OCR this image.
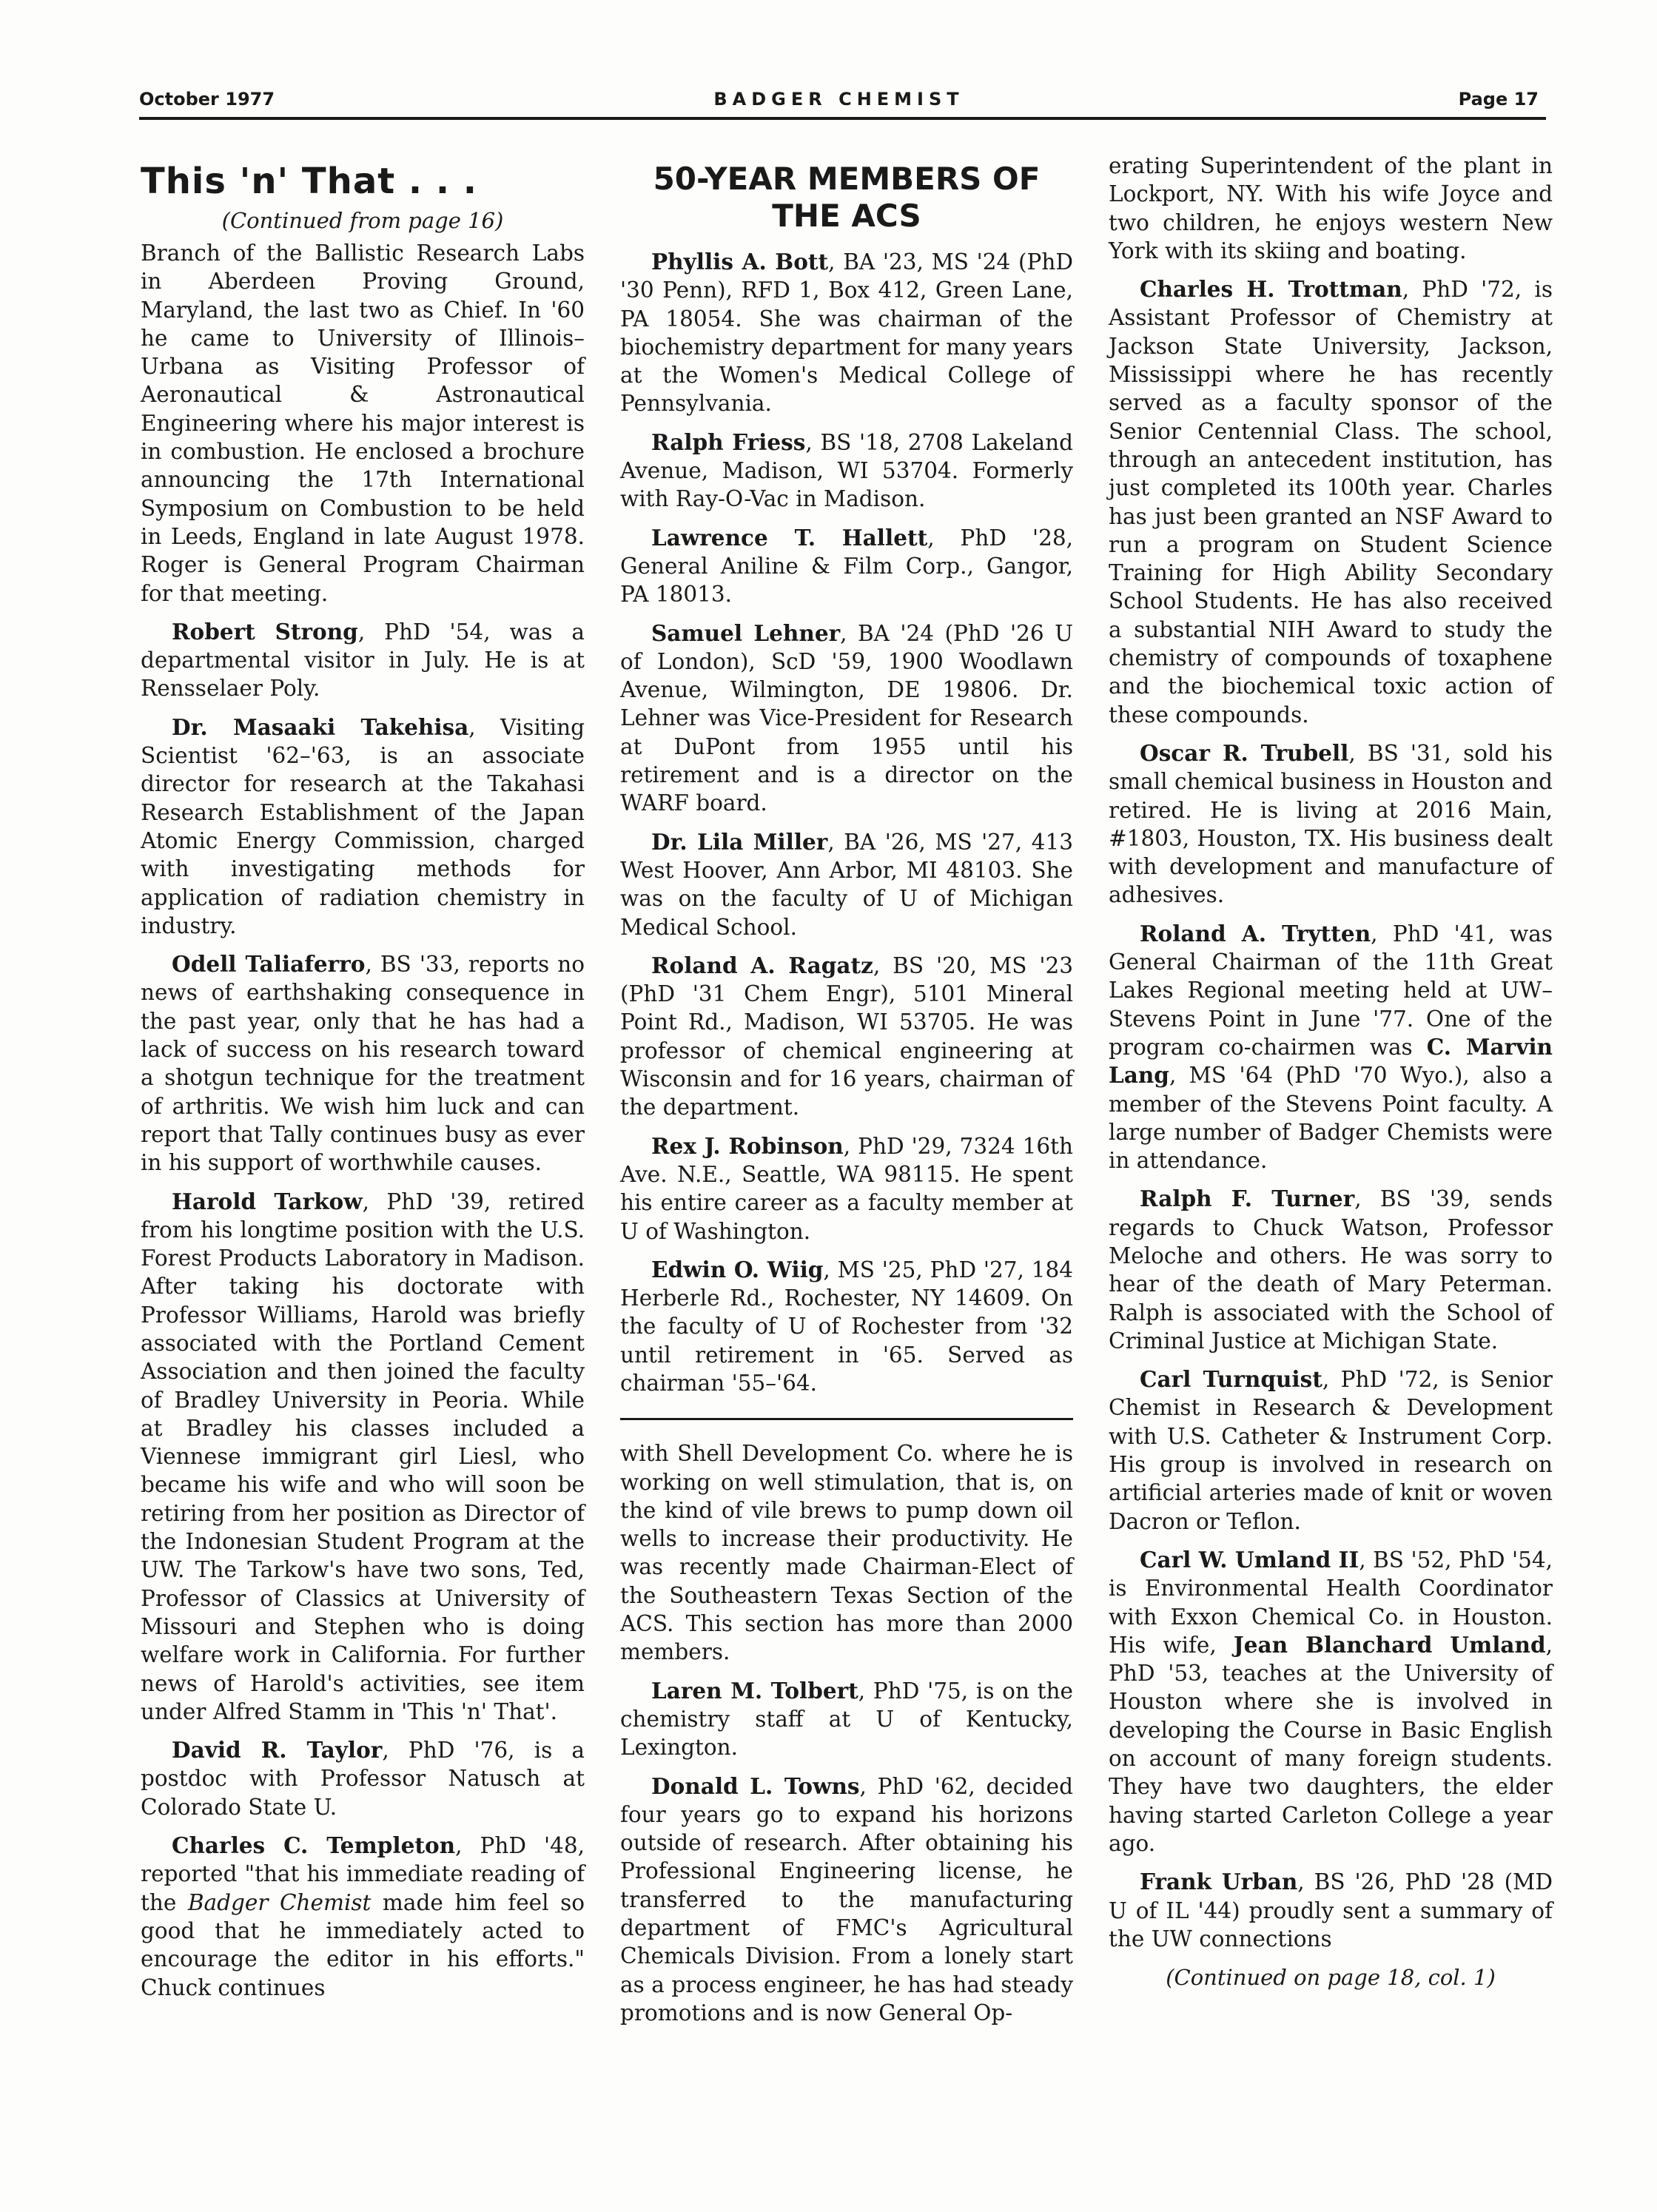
October 1977	BADGER CHEMIST	Page 17
This 'n' That . . .
(Continued from page 16)

Branch of the Ballistic Research Labs in Aberdeen Proving Ground, Maryland, the last two as Chief. In '60 he came to University of Illinois–Urbana as Visiting Professor of Aeronautical & Astronautical Engineering where his major interest is in combustion. He enclosed a brochure announcing the 17th International Symposium on Combustion to be held in Leeds, England in late August 1978. Roger is General Program Chairman for that meeting.

Robert Strong, PhD '54, was a departmental visitor in July. He is at Rensselaer Poly.

Dr. Masaaki Takehisa, Visiting Scientist '62–'63, is an associate director for research at the Takahasi Research Establishment of the Japan Atomic Energy Commission, charged with investigating methods for application of radiation chemistry in industry.

Odell Taliaferro, BS '33, reports no news of earthshaking consequence in the past year, only that he has had a lack of success on his research toward a shotgun technique for the treatment of arthritis. We wish him luck and can report that Tally continues busy as ever in his support of worthwhile causes.

Harold Tarkow, PhD '39, retired from his longtime position with the U.S. Forest Products Laboratory in Madison. After taking his doctorate with Professor Williams, Harold was briefly associated with the Portland Cement Association and then joined the faculty of Bradley University in Peoria. While at Bradley his classes included a Viennese immigrant girl Liesl, who became his wife and who will soon be retiring from her position as Director of the Indonesian Student Program at the UW. The Tarkow's have two sons, Ted, Professor of Classics at University of Missouri and Stephen who is doing welfare work in California. For further news of Harold's activities, see item under Alfred Stamm in 'This 'n' That'.

David R. Taylor, PhD '76, is a postdoc with Professor Natusch at Colorado State U.

Charles C. Templeton, PhD '48, reported "that his immediate reading of the Badger Chemist made him feel so good that he immediately acted to encourage the editor in his efforts." Chuck continues

50-YEAR MEMBERS OF
THE ACS

Phyllis A. Bott, BA '23, MS '24 (PhD '30 Penn), RFD 1, Box 412, Green Lane, PA 18054. She was chairman of the biochemistry department for many years at the Women's Medical College of Pennsylvania.

Ralph Friess, BS '18, 2708 Lakeland Avenue, Madison, WI 53704. Formerly with Ray-O-Vac in Madison.

Lawrence T. Hallett, PhD '28, General Aniline & Film Corp., Gangor, PA 18013.

Samuel Lehner, BA '24 (PhD '26 U of London), ScD '59, 1900 Woodlawn Avenue, Wilmington, DE 19806. Dr. Lehner was Vice-President for Research at DuPont from 1955 until his retirement and is a director on the WARF board.

Dr. Lila Miller, BA '26, MS '27, 413 West Hoover, Ann Arbor, MI 48103. She was on the faculty of U of Michigan Medical School.

Roland A. Ragatz, BS '20, MS '23 (PhD '31 Chem Engr), 5101 Mineral Point Rd., Madison, WI 53705. He was professor of chemical engineering at Wisconsin and for 16 years, chairman of the department.

Rex J. Robinson, PhD '29, 7324 16th Ave. N.E., Seattle, WA 98115. He spent his entire career as a faculty member at U of Washington.

Edwin O. Wiig, MS '25, PhD '27, 184 Herberle Rd., Rochester, NY 14609. On the faculty of U of Rochester from '32 until retirement in '65. Served as chairman '55–'64.

with Shell Development Co. where he is working on well stimulation, that is, on the kind of vile brews to pump down oil wells to increase their productivity. He was recently made Chairman-Elect of the Southeastern Texas Section of the ACS. This section has more than 2000 members.

Laren M. Tolbert, PhD '75, is on the chemistry staff at U of Kentucky, Lexington.

Donald L. Towns, PhD '62, decided four years go to expand his horizons outside of research. After obtaining his Professional Engineering license, he transferred to the manufacturing department of FMC's Agricultural Chemicals Division. From a lonely start as a process engineer, he has had steady promotions and is now General Op-

erating Superintendent of the plant in Lockport, NY. With his wife Joyce and two children, he enjoys western New York with its skiing and boating.

Charles H. Trottman, PhD '72, is Assistant Professor of Chemistry at Jackson State University, Jackson, Mississippi where he has recently served as a faculty sponsor of the Senior Centennial Class. The school, through an antecedent institution, has just completed its 100th year. Charles has just been granted an NSF Award to run a program on Student Science Training for High Ability Secondary School Students. He has also received a substantial NIH Award to study the chemistry of compounds of toxaphene and the biochemical toxic action of these compounds.

Oscar R. Trubell, BS '31, sold his small chemical business in Houston and retired. He is living at 2016 Main, #1803, Houston, TX. His business dealt with development and manufacture of adhesives.

Roland A. Trytten, PhD '41, was General Chairman of the 11th Great Lakes Regional meeting held at UW–Stevens Point in June '77. One of the program co-chairmen was C. Marvin Lang, MS '64 (PhD '70 Wyo.), also a member of the Stevens Point faculty. A large number of Badger Chemists were in attendance.

Ralph F. Turner, BS '39, sends regards to Chuck Watson, Professor Meloche and others. He was sorry to hear of the death of Mary Peterman. Ralph is associated with the School of Criminal Justice at Michigan State.

Carl Turnquist, PhD '72, is Senior Chemist in Research & Development with U.S. Catheter & Instrument Corp. His group is involved in research on artificial arteries made of knit or woven Dacron or Teflon.

Carl W. Umland II, BS '52, PhD '54, is Environmental Health Coordinator with Exxon Chemical Co. in Houston. His wife, Jean Blanchard Umland, PhD '53, teaches at the University of Houston where she is involved in developing the Course in Basic English on account of many foreign students. They have two daughters, the elder having started Carleton College a year ago.

Frank Urban, BS '26, PhD '28 (MD U of IL '44) proudly sent a summary of the UW connections

(Continued on page 18, col. 1)
